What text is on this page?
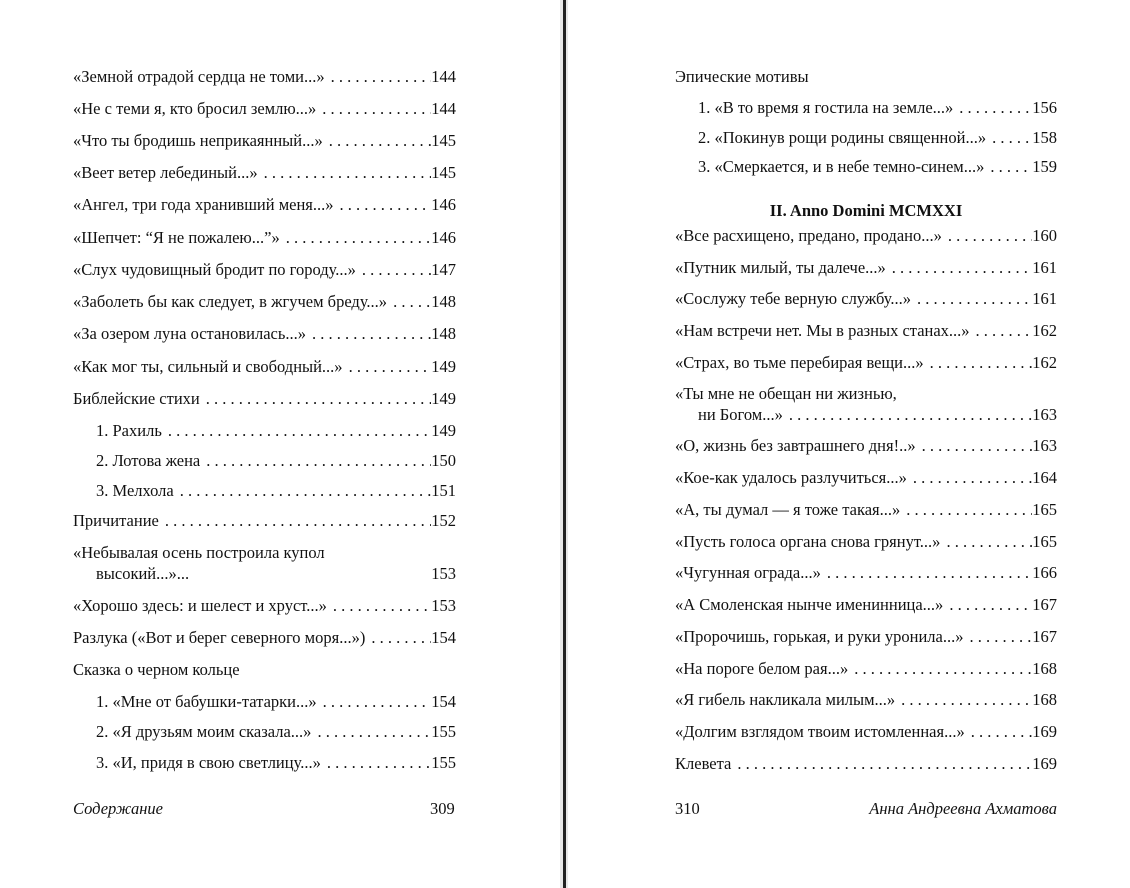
«Земной отрадой сердца не томи...» . . .	144
«Не с теми я, кто бросил землю...» . . .	144
«Что ты бродишь неприкаянный...» . . .	145
«Веет ветер лебединый...» . . .	145
«Ангел, три года хранивший меня...» . . .	146
«Шепчет: “Я не пожалею...”» . . .	146
«Слух чудовищный бродит по городу...» . . .	147
«Заболеть бы как следует, в жгучем бреду...» . . .	148
«За озером луна остановилась...» . . .	148
«Как мог ты, сильный и свободный...» . . .	149
Библейские стихи . . .	149
1. Рахиль . . .	149
2. Лотова жена . . .	150
3. Мелхола . . .	151
Причитание . . .	152
«Небывалая осень построила купол
высокий...»...	153
«Хорошо здесь: и шелест и хруст...» . . .	153
Разлука («Вот и берег северного моря...») . . .	154
Сказка о черном кольце
1. «Мне от бабушки-татарки...» . . .	154
2. «Я друзьям моим сказала...» . . .	155
3. «И, придя в свою светлицу...» . . .	155
Содержание	309
Эпические мотивы
1. «В то время я гостила на земле...» . . .	156
2. «Покинув рощи родины священной...» . . .	158
3. «Смеркается, и в небе темно-синем...» . . .	159
II. Anno Domini MCMXXI
«Все расхищено, предано, продано...» . . .	160
«Путник милый, ты далече...» . . .	161
«Сослужу тебе верную службу...» . . .	161
«Нам встречи нет. Мы в разных станах...» . . .	162
«Страх, во тьме перебирая вещи...» . . .	162
«Ты мне не обещан ни жизнью,
ни Богом...» . . .	163
«О, жизнь без завтрашнего дня!..» . . .	163
«Кое-как удалось разлучиться...» . . .	164
«А, ты думал — я тоже такая...» . . .	165
«Пусть голоса органа снова грянут...» . . .	165
«Чугунная ограда...» . . .	166
«А Смоленская нынче именинница...» . . .	167
«Пророчишь, горькая, и руки уронила...» . . .	167
«На пороге белом рая...» . . .	168
«Я гибель накликала милым...» . . .	168
«Долгим взглядом твоим истомленная...» . . .	169
Клевета . . .	169
310	Анна Андреевна Ахматова
